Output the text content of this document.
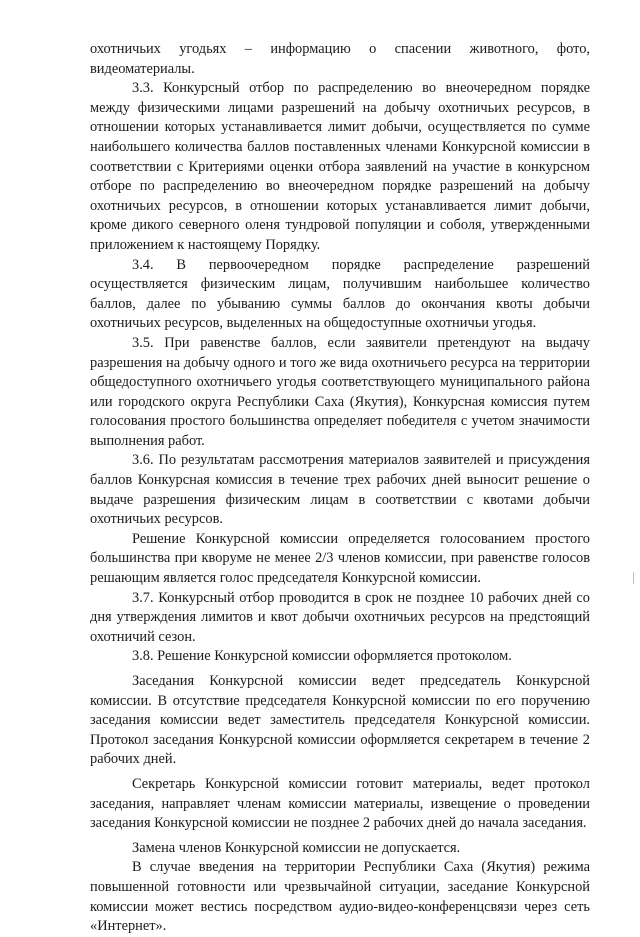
охотничьих угодьях – информацию о спасении животного, фото, видеоматериалы.

3.3. Конкурсный отбор по распределению во внеочередном порядке между физическими лицами разрешений на добычу охотничьих ресурсов, в отношении которых устанавливается лимит добычи, осуществляется по сумме наибольшего количества баллов поставленных членами Конкурсной комиссии в соответствии с Критериями оценки отбора заявлений на участие в конкурсном отборе по распределению во внеочередном порядке разрешений на добычу охотничьих ресурсов, в отношении которых устанавливается лимит добычи, кроме дикого северного оленя тундровой популяции и соболя, утвержденными приложением к настоящему Порядку.

3.4. В первоочередном порядке распределение разрешений осуществляется физическим лицам, получившим наибольшее количество баллов, далее по убыванию суммы баллов до окончания квоты добычи охотничьих ресурсов, выделенных на общедоступные охотничьи угодья.

3.5. При равенстве баллов, если заявители претендуют на выдачу разрешения на добычу одного и того же вида охотничьего ресурса на территории общедоступного охотничьего угодья соответствующего муниципального района или городского округа Республики Саха (Якутия), Конкурсная комиссия путем голосования простого большинства определяет победителя с учетом значимости выполнения работ.

3.6. По результатам рассмотрения материалов заявителей и присуждения баллов Конкурсная комиссия в течение трех рабочих дней выносит решение о выдаче разрешения физическим лицам в соответствии с квотами добычи охотничьих ресурсов.

Решение Конкурсной комиссии определяется голосованием простого большинства при кворуме не менее 2/3 членов комиссии, при равенстве голосов решающим является голос председателя Конкурсной комиссии.

3.7. Конкурсный отбор проводится в срок не позднее 10 рабочих дней со дня утверждения лимитов и квот добычи охотничьих ресурсов на предстоящий охотничий сезон.

3.8. Решение Конкурсной комиссии оформляется протоколом.

Заседания Конкурсной комиссии ведет председатель Конкурсной комиссии. В отсутствие председателя Конкурсной комиссии по его поручению заседания комиссии ведет заместитель председателя Конкурсной комиссии. Протокол заседания Конкурсной комиссии оформляется секретарем в течение 2 рабочих дней.

Секретарь Конкурсной комиссии готовит материалы, ведет протокол заседания, направляет членам комиссии материалы, извещение о проведении заседания Конкурсной комиссии не позднее 2 рабочих дней до начала заседания.

Замена членов Конкурсной комиссии не допускается.

В случае введения на территории Республики Саха (Якутия) режима повышенной готовности или чрезвычайной ситуации, заседание Конкурсной комиссии может вестись посредством аудио-видео-конференцсвязи через сеть «Интернет».
